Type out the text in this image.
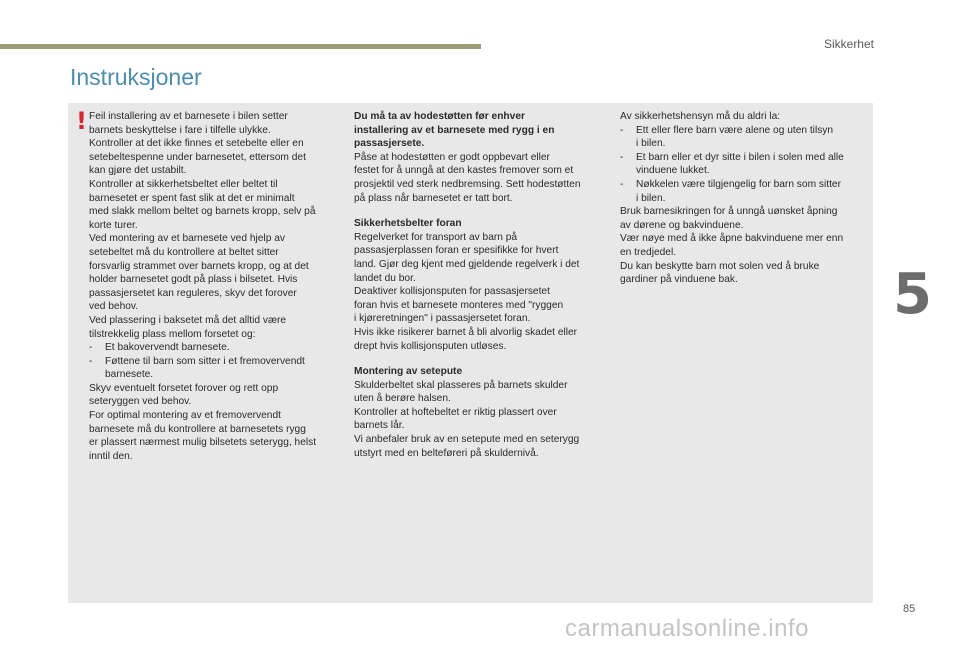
Sikkerhet
5
Instruksjoner
! Feil installering av et barnesete i bilen setter

barnets beskyttelse i fare i tilfelle ulykke.

Kontroller at det ikke finnes et setebelte eller en

setebeltespenne under barnesetet, ettersom det

kan gjøre det ustabilt.

Kontroller at sikkerhetsbeltet eller beltet til

barnesetet er spent fast slik at det er minimalt

med slakk mellom beltet og barnets kropp, selv på

korte turer.

Ved montering av et barnesete ved hjelp av

setebeltet må du kontrollere at beltet sitter

forsvarlig strammet over barnets kropp, og at det

holder barnesetet godt på plass i bilsetet. Hvis

passasjersetet kan reguleres, skyv det forover

ved behov.

Ved plassering i baksetet må det alltid være

tilstrekkelig plass mellom forsetet og:

-	Et bakovervendt barnesete.

-	Føttene til barn som sitter i et fremovervendt

barnesete.

Skyv eventuelt forsetet forover og rett opp

seteryggen ved behov.

For optimal montering av et fremovervendt

barnesete må du kontrollere at barnesetets rygg

er plassert nærmest mulig bilsetets seterygg, helst

inntil den.

Du må ta av hodestøtten før enhver

installering av et barnesete med rygg i en

passasjersete.

Påse at hodestøtten er godt oppbevart eller

festet for å unngå at den kastes fremover som et

prosjektil ved sterk nedbremsing. Sett hodestøtten

på plass når barnesetet er tatt bort.

Sikkerhetsbelter foran

Regelverket for transport av barn på

passasjerplassen foran er spesifikke for hvert

land. Gjør deg kjent med gjeldende regelverk i det

landet du bor.

Deaktiver kollisjonsputen for passasjersetet

foran hvis et barnesete monteres med "ryggen

i kjøreretningen" i passasjersetet foran.

Hvis ikke risikerer barnet å bli alvorlig skadet eller

drept hvis kollisjonsputen utløses.

Montering av setepute

Skulderbeltet skal plasseres på barnets skulder

uten å berøre halsen.

Kontroller at hoftebeltet er riktig plassert over

barnets lår.

Vi anbefaler bruk av en setepute med en seterygg

utstyrt med en belteføreri på skuldernivå.

Av sikkerhetshensyn må du aldri la:

-	Ett eller flere barn være alene og uten tilsyn

i bilen.

-	Et barn eller et dyr sitte i bilen i solen med alle

vinduene lukket.

-	Nøkkelen være tilgjengelig for barn som sitter

i bilen.

Bruk barnesikringen for å unngå uønsket åpning

av dørene og bakvinduene.

Vær nøye med å ikke åpne bakvinduene mer enn

en tredjedel.

Du kan beskytte barn mot solen ved å bruke

gardiner på vinduene bak.

85
carmanualsonline.info
